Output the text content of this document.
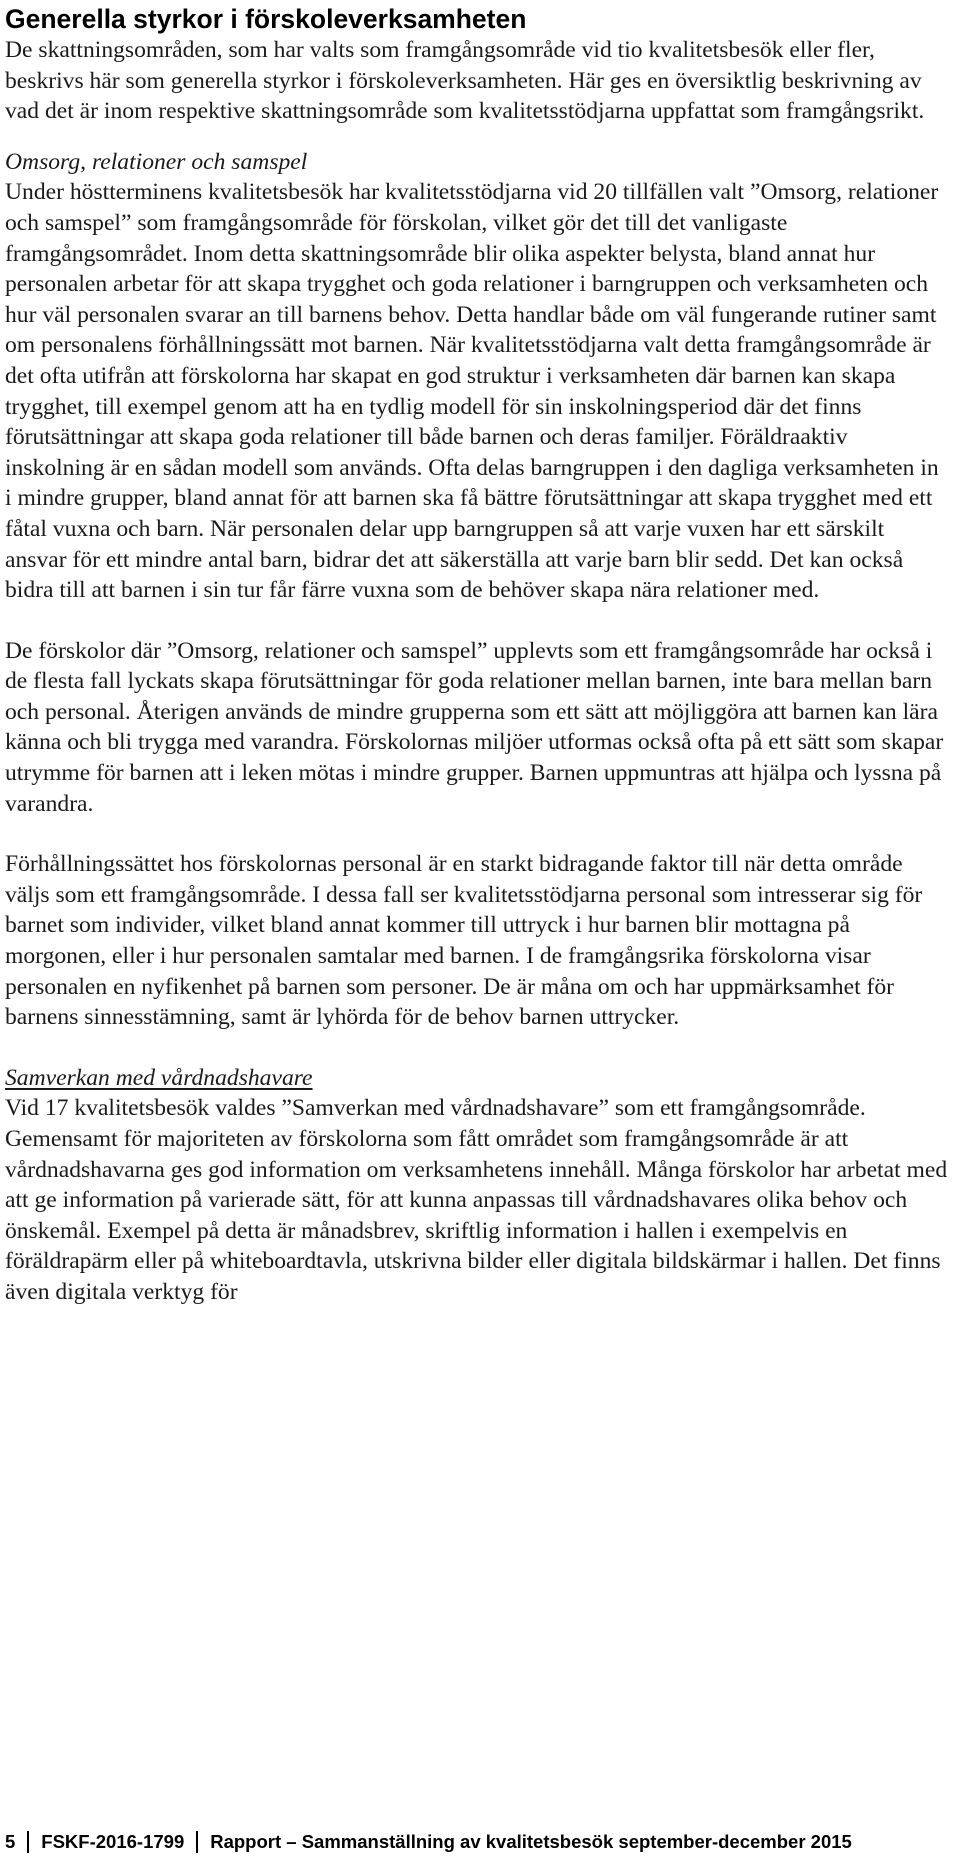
Generella styrkor i förskoleverksamheten

De skattningsområden, som har valts som framgångsområde vid tio kvalitetsbesök eller fler, beskrivs här som generella styrkor i förskoleverksamheten. Här ges en översiktlig beskrivning av vad det är inom respektive skattningsområde som kvalitetsstödjarna uppfattat som framgångsrikt.

Omsorg, relationer och samspel

Under höstterminens kvalitetsbesök har kvalitetsstödjarna vid 20 tillfällen valt ”Omsorg, relationer och samspel” som framgångsområde för förskolan, vilket gör det till det vanligaste framgångsområdet. Inom detta skattningsområde blir olika aspekter belysta, bland annat hur personalen arbetar för att skapa trygghet och goda relationer i barngruppen och verksamheten och hur väl personalen svarar an till barnens behov. Detta handlar både om väl fungerande rutiner samt om personalens förhållningssätt mot barnen. När kvalitetsstödjarna valt detta framgångsområde är det ofta utifrån att förskolorna har skapat en god struktur i verksamheten där barnen kan skapa trygghet, till exempel genom att ha en tydlig modell för sin inskolningsperiod där det finns förutsättningar att skapa goda relationer till både barnen och deras familjer. Föräldraaktiv inskolning är en sådan modell som används. Ofta delas barngruppen i den dagliga verksamheten in i mindre grupper, bland annat för att barnen ska få bättre förutsättningar att skapa trygghet med ett fåtal vuxna och barn. När personalen delar upp barngruppen så att varje vuxen har ett särskilt ansvar för ett mindre antal barn, bidrar det att säkerställa att varje barn blir sedd. Det kan också bidra till att barnen i sin tur får färre vuxna som de behöver skapa nära relationer med.

De förskolor där ”Omsorg, relationer och samspel” upplevts som ett framgångsområde har också i de flesta fall lyckats skapa förutsättningar för goda relationer mellan barnen, inte bara mellan barn och personal. Återigen används de mindre grupperna som ett sätt att möjliggöra att barnen kan lära känna och bli trygga med varandra. Förskolornas miljöer utformas också ofta på ett sätt som skapar utrymme för barnen att i leken mötas i mindre grupper. Barnen uppmuntras att hjälpa och lyssna på varandra.

Förhållningssättet hos förskolornas personal är en starkt bidragande faktor till när detta område väljs som ett framgångsområde. I dessa fall ser kvalitetsstödjarna personal som intresserar sig för barnet som individer, vilket bland annat kommer till uttryck i hur barnen blir mottagna på morgonen, eller i hur personalen samtalar med barnen. I de framgångsrika förskolorna visar personalen en nyfikenhet på barnen som personer. De är måna om och har uppmärksamhet för barnens sinnesstämning, samt är lyhörda för de behov barnen uttrycker.

Samverkan med vårdnadshavare

Vid 17 kvalitetsbesök valdes ”Samverkan med vårdnadshavare” som ett framgångsområde. Gemensamt för majoriteten av förskolorna som fått området som framgångsområde är att vårdnadshavarna ges god information om verksamhetens innehåll. Många förskolor har arbetat med att ge information på varierade sätt, för att kunna anpassas till vårdnadshavares olika behov och önskemål. Exempel på detta är månadsbrev, skriftlig information i hallen i exempelvis en föräldrapärm eller på whiteboardtavla, utskrivna bilder eller digitala bildskärmar i hallen. Det finns även digitala verktyg för

5 FSKF-2016-1799 Rapport – Sammanställning av kvalitetsbesök september-december 2015
